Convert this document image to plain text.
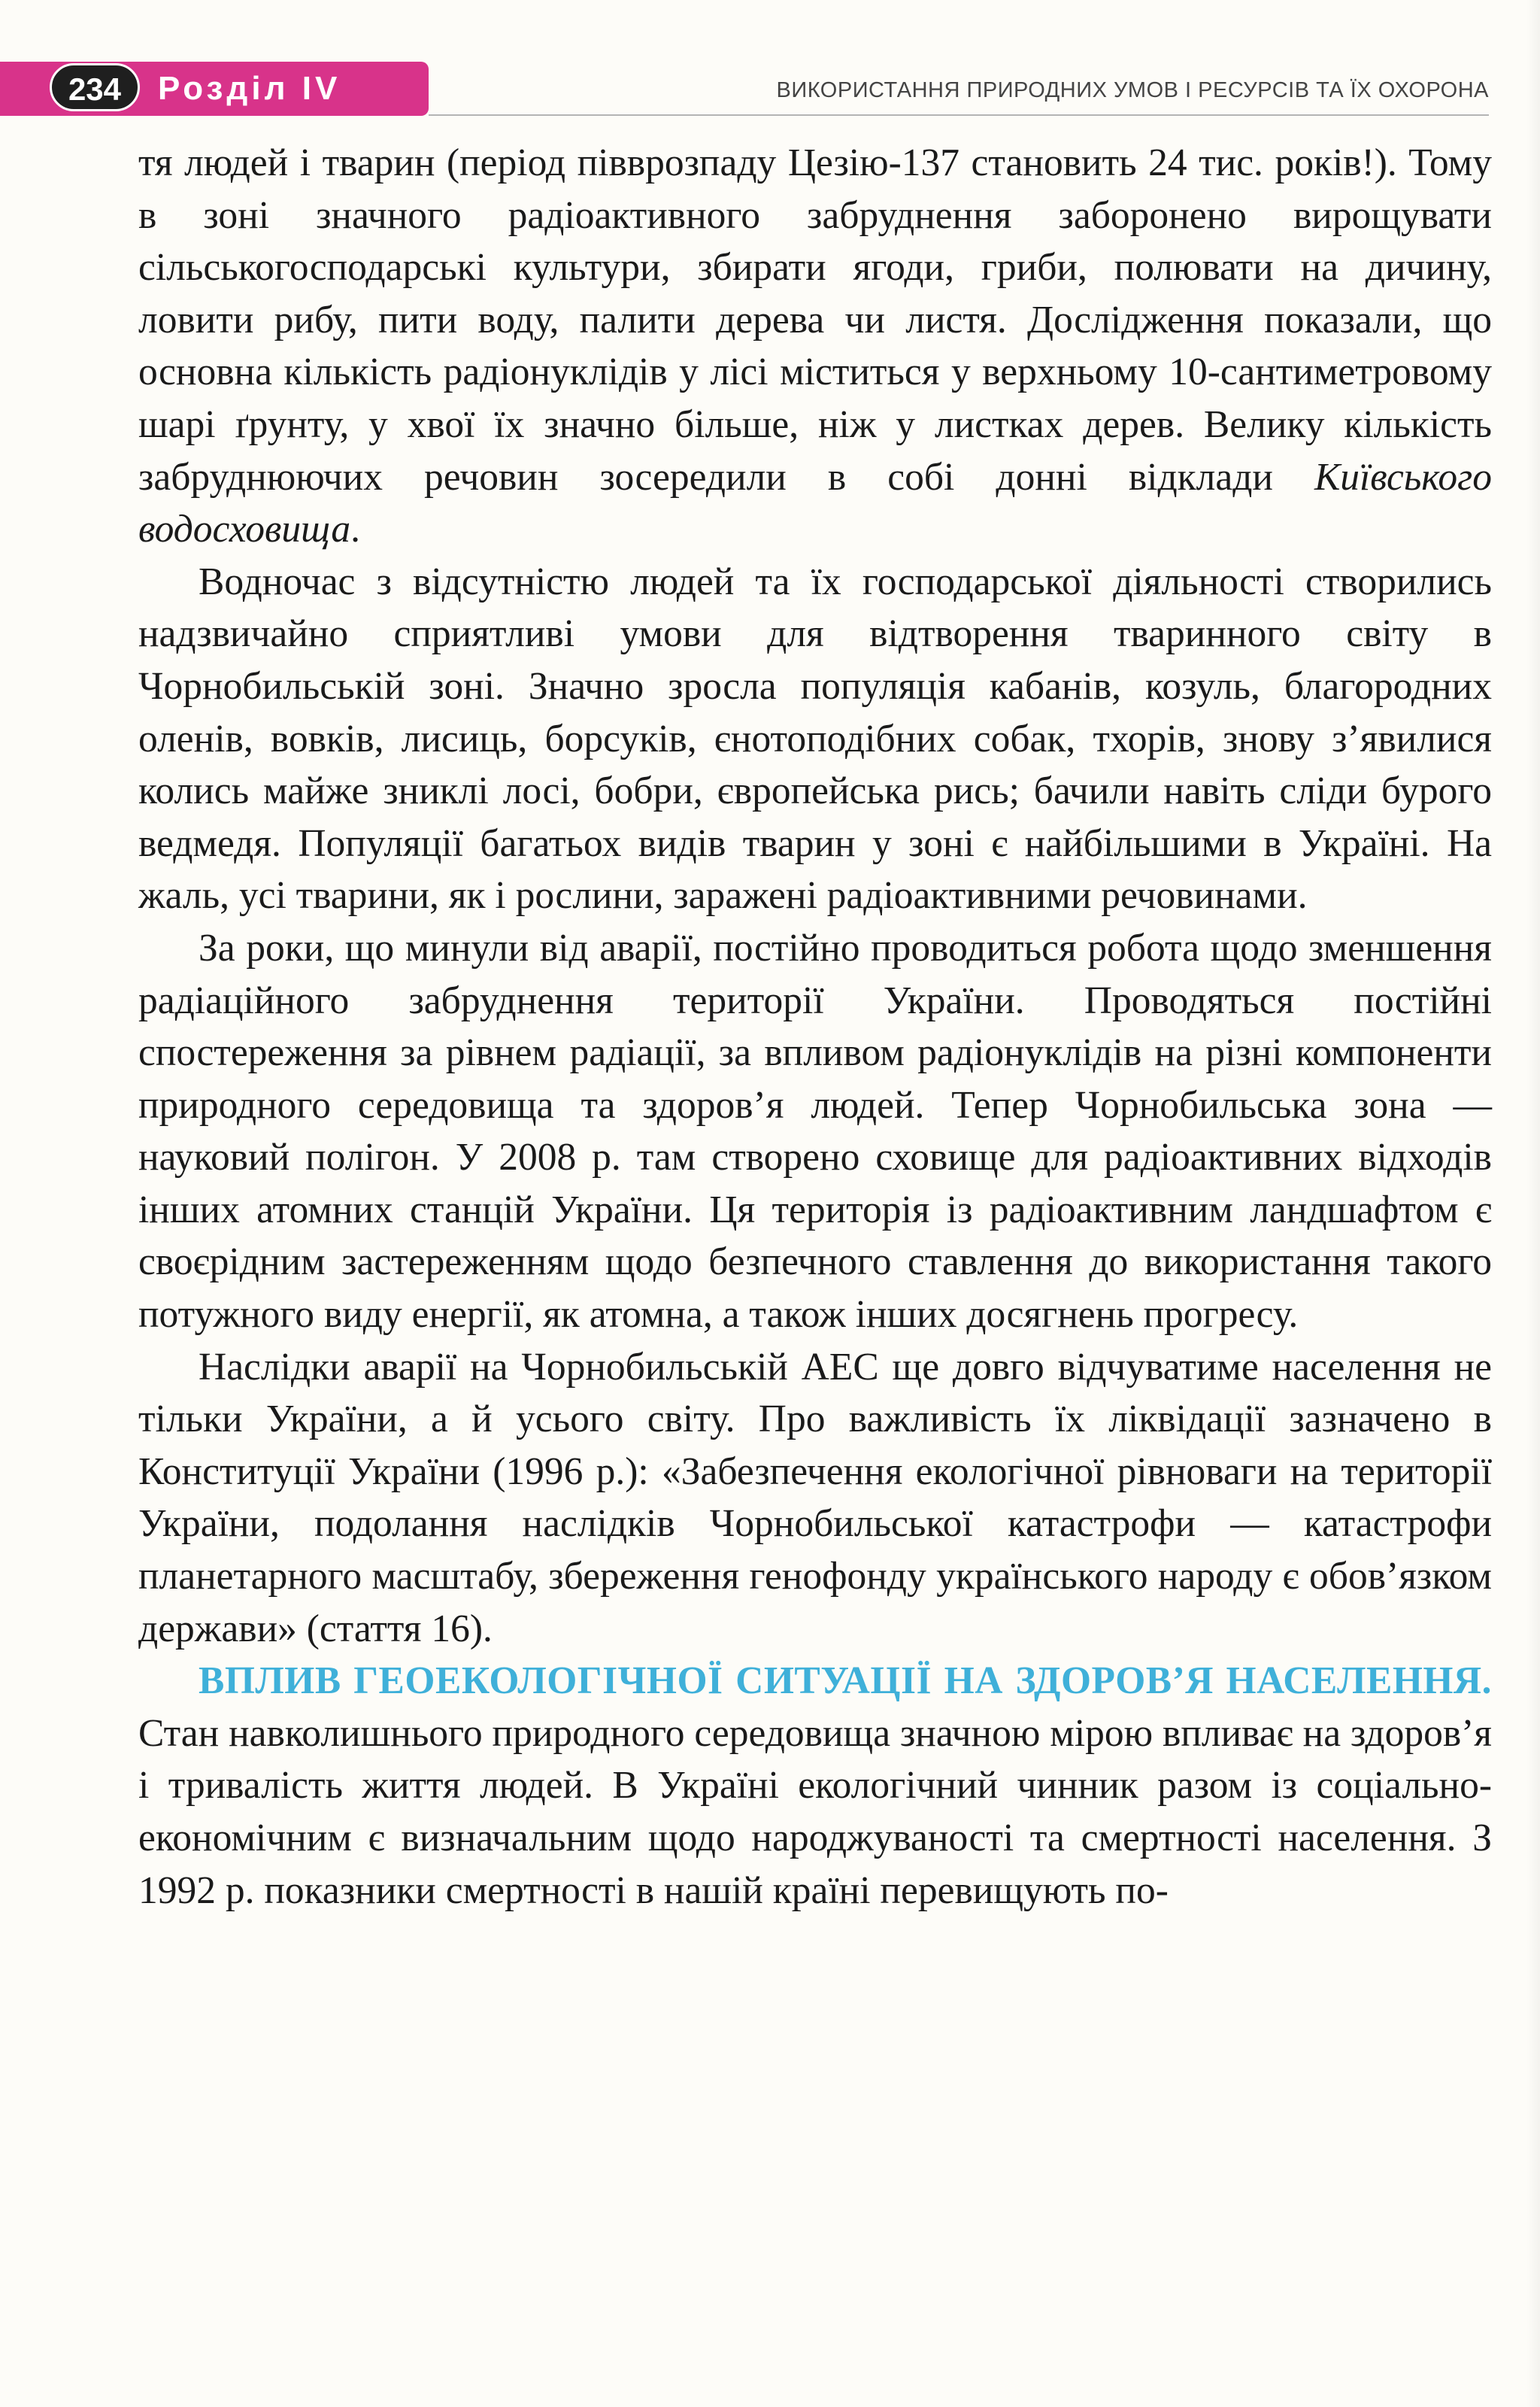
234	Розділ IV	ВИКОРИСТАННЯ ПРИРОДНИХ УМОВ І РЕСУРСІВ ТА ЇХ ОХОРОНА

тя людей і тварин (період півврозпаду Цезію-137 становить 24 тис. років!). Тому в зоні значного радіоактивного забруднення заборонено вирощувати сільськогосподарські культури, збирати ягоди, гриби, полювати на дичину, ловити рибу, пити воду, палити дерева чи листя. Дослідження показали, що основна кількість радіонуклідів у лісі міститься у верхньому 10-сантиметровому шарі ґрунту, у хвої їх значно більше, ніж у листках дерев. Велику кількість забруднюючих речовин зосередили в собі донні відклади Київського водосховища.

Водночас з відсутністю людей та їх господарської діяльності створились надзвичайно сприятливі умови для відтворення тваринного світу в Чорнобильській зоні. Значно зросла популяція кабанів, козуль, благородних оленів, вовків, лисиць, борсуків, єнотоподібних собак, тхорів, знову з’явилися колись майже зниклі лосі, бобри, європейська рись; бачили навіть сліди бурого ведмедя. Популяції багатьох видів тварин у зоні є найбільшими в Україні. На жаль, усі тварини, як і рослини, заражені радіоактивними речовинами.

За роки, що минули від аварії, постійно проводиться робота щодо зменшення радіаційного забруднення території України. Проводяться постійні спостереження за рівнем радіації, за впливом радіонуклідів на різні компоненти природного середовища та здоров’я людей. Тепер Чорнобильська зона — науковий полігон. У 2008 р. там створено сховище для радіоактивних відходів інших атомних станцій України. Ця територія із радіоактивним ландшафтом є своєрідним застереженням щодо безпечного ставлення до використання такого потужного виду енергії, як атомна, а також інших досягнень прогресу.

Наслідки аварії на Чорнобильській АЕС ще довго відчуватиме населення не тільки України, а й усього світу. Про важливість їх ліквідації зазначено в Конституції України (1996 р.): «Забезпечення екологічної рівноваги на території України, подолання наслідків Чорнобильської катастрофи — катастрофи планетарного масштабу, збереження генофонду українського народу є обов’язком держави» (стаття 16).

ВПЛИВ ГЕОЕКОЛОГІЧНОЇ СИТУАЦІЇ НА ЗДОРОВ’Я НАСЕЛЕННЯ. Стан навколишнього природного середовища значною мірою впливає на здоров’я і тривалість життя людей. В Україні екологічний чинник разом із соціально-економічним є визначальним щодо народжуваності та смертності населення. З 1992 р. показники смертності в нашій країні перевищують по-
